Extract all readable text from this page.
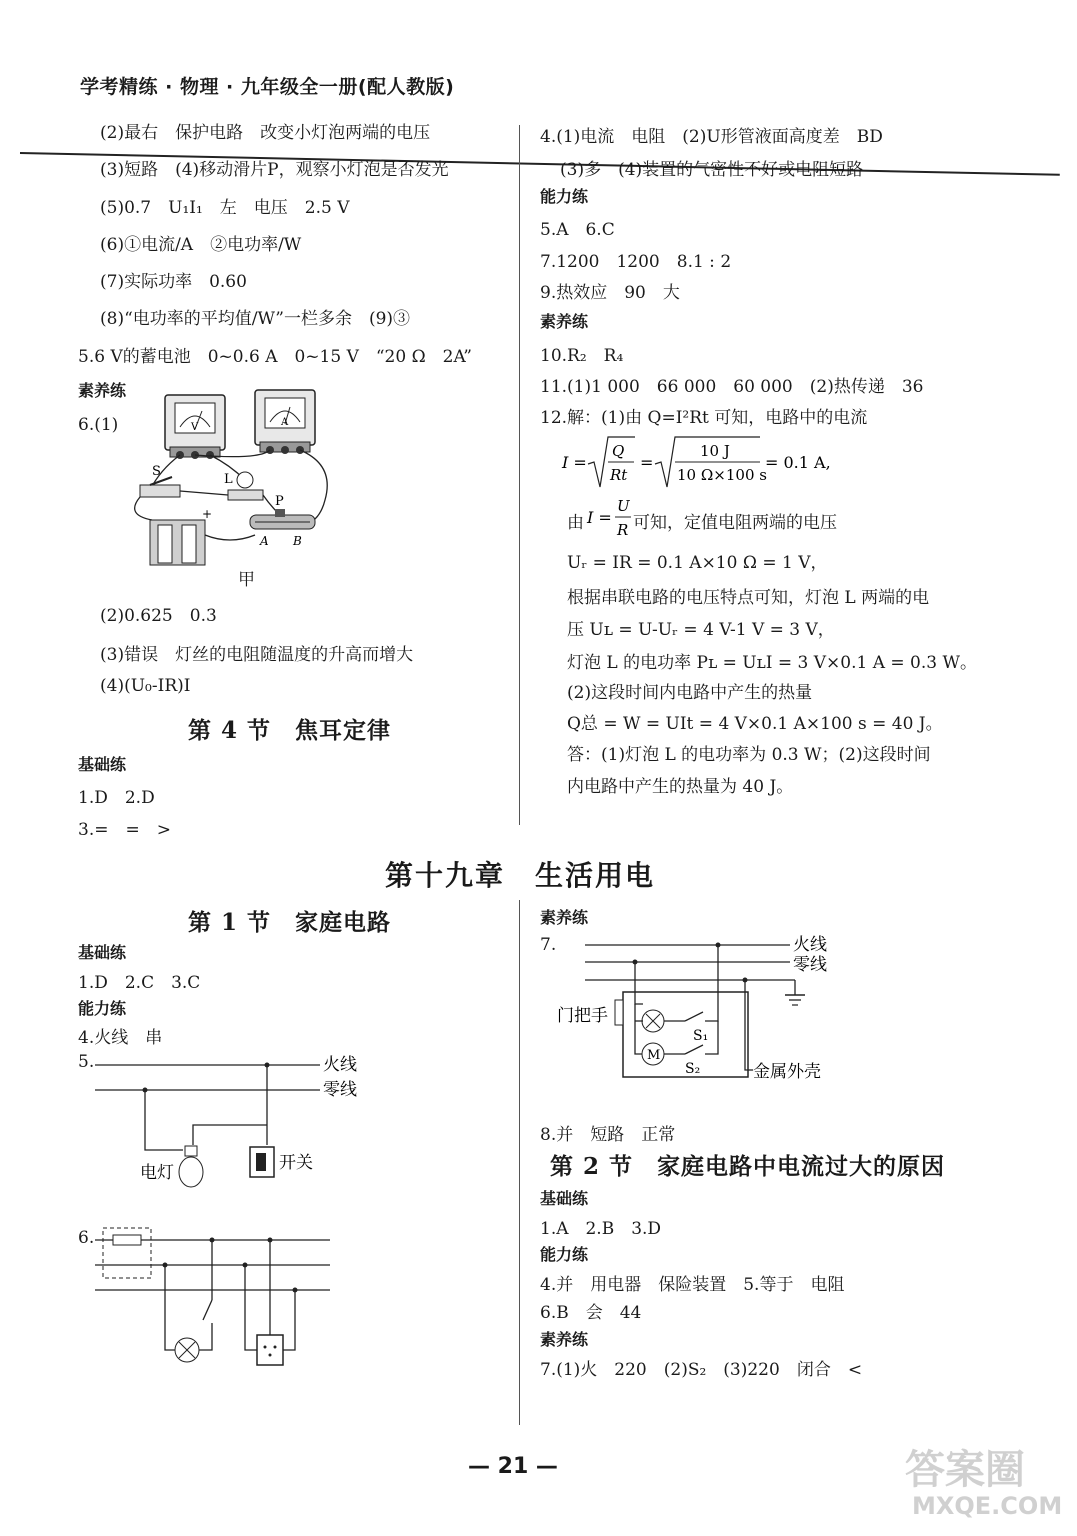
学考精练 · 物理 · 九年级全一册(配人教版)
(2)最右　保护电路　改变小灯泡两端的电压
(3)短路　(4)移动滑片P，观察小灯泡是否发光
(5)0.7　U₁I₁　左　电压　2.5 V
(6)①电流/A　②电功率/W
(7)实际功率　0.60
(8)“电功率的平均值/W”一栏多余　(9)③
5.6 V的蓄电池　0~0.6 A　0~15 V　“20 Ω　2A”
素养练
6.(1)	V	A
S
L
+
P
A B
甲
(2)0.625　0.3
(3)错误　灯丝的电阻随温度的升高而增大
(4)(U₀-IR)I
第 4 节　焦耳定律
基础练
1.D　2.D
3.=　=　>
4.(1)电流　电阻　(2)U形管液面高度差　BD
(3)多　(4)装置的气密性不好或电阻短路
能力练
5.A　6.C
7.1200　1200　8.1 : 2
9.热效应　90　大
素养练
10.R₂　R₄
11.(1)1 000　66 000　60 000　(2)热传递　36
12.解：(1)由 Q=I²Rt 可知，电路中的电流
I =
Q
Rt
=
10 J
10 Ω×100 s
= 0.1 A,
由 I =
U
R 可知，定值电阻两端的电压
Uᵣ = IR = 0.1 A×10 Ω = 1 V，
根据串联电路的电压特点可知，灯泡 L 两端的电
压 Uʟ = U-Uᵣ = 4 V-1 V = 3 V，
灯泡 L 的电功率 Pʟ = UʟI = 3 V×0.1 A = 0.3 W。
(2)这段时间内电路中产生的热量
Q总 = W = UIt = 4 V×0.1 A×100 s = 40 J。
答：(1)灯泡 L 的电功率为 0.3 W；(2)这段时间
内电路中产生的热量为 40 J。
第十九章　生活用电
第 1 节　家庭电路
基础练
1.D　2.C　3.C
能力练
4.火线　串
5.	火线
零线
电灯	开关
6.
素养练
7.	火线
零线
门把手
M
S₁
S₂	金属外壳
8.并　短路　正常
第 2 节　家庭电路中电流过大的原因
基础练
1.A　2.B　3.D
能力练
4.并　用电器　保险装置　5.等于　电阻
6.B　会　44
素养练
7.(1)火　220　(2)S₂　(3)220　闭合　<
— 21 —	答案圈
MXQE.COM
